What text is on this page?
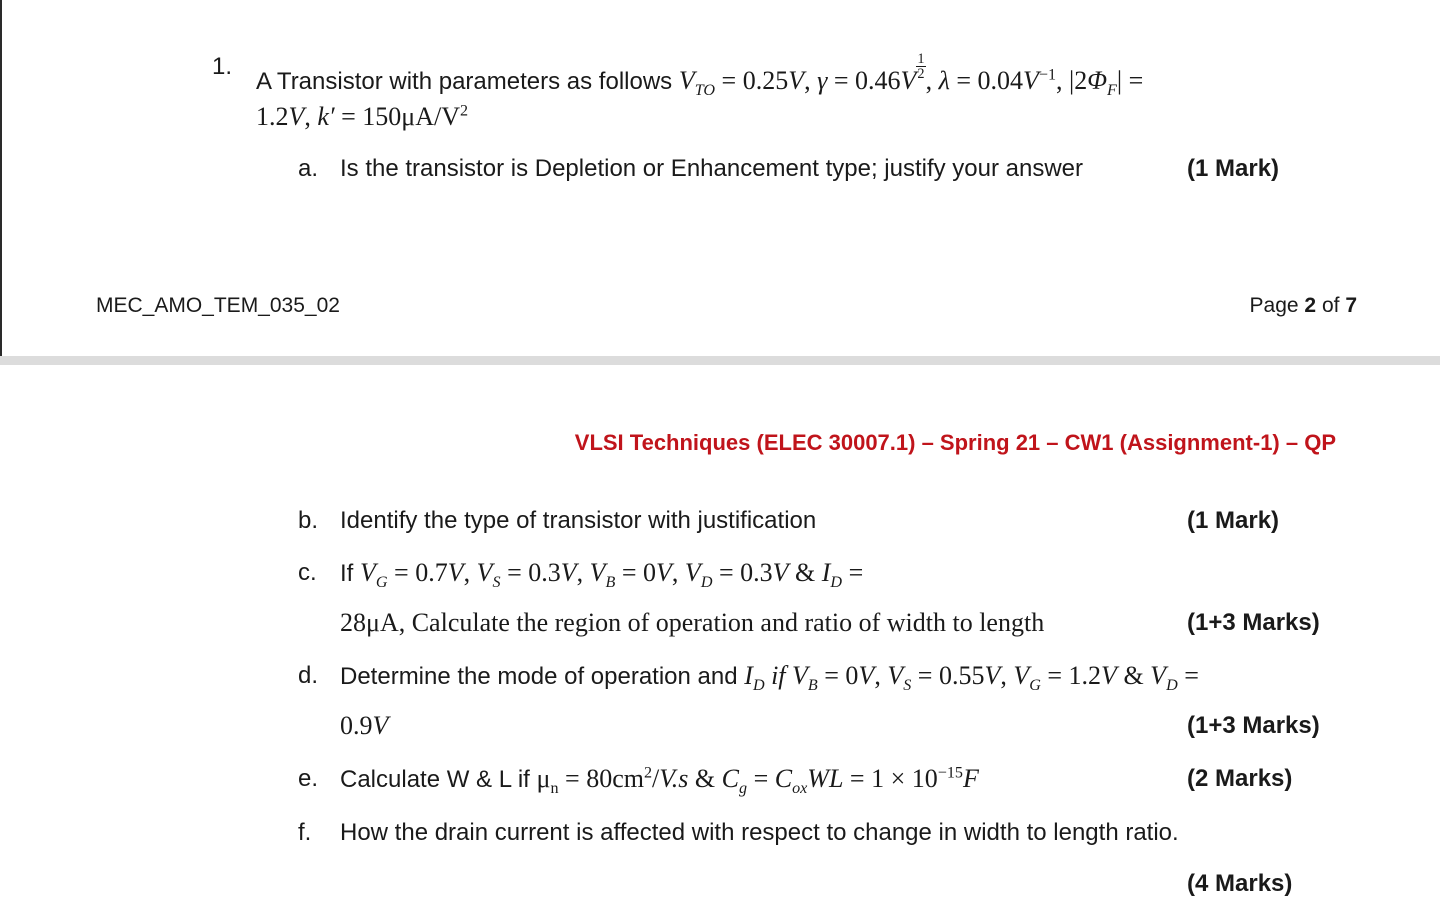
1.
A Transistor with parameters as follows $V_{TO} = 0.25V$, $\gamma = 0.46V \frac{1}{2}$ , $\lambda = 0.04V^{-1}$, $|2\Phi_F|$ =
1.2V, $k' = 150\mu A/V^2$
a. Is the transistor is Depletion or Enhancement type; justify your answer	(1 Mark)
MEC_AMO_TEM_035_02	Page 2 of 7
VLSI Techniques (ELEC 30007.1) – Spring 21 – CW1 (Assignment-1) – QP
b. Identify the type of transistor with justification	(1 Mark)
c. If $V_G = 0.7V$, $V_S = 0.3V$, $V_B = 0V$, $V_D = 0.3V$ & $I_D$ =
28μA, Calculate the region of operation and ratio of width to length	(1+3 Marks)
d. Determine the mode of operation and $I_D$ if $V_B = 0V$, $V_S = 0.55V$, $V_G = 1.2V$ & $V_D$ =
0.9V	(1+3 Marks)
e. Calculate W & L if $\mu_n = 80cm^2/V.s$ & $C_g = C_{ox}WL = 1 \times 10^{-15}F$	(2 Marks)
f. How the drain current is affected with respect to change in width to length ratio.
(4 Marks)
